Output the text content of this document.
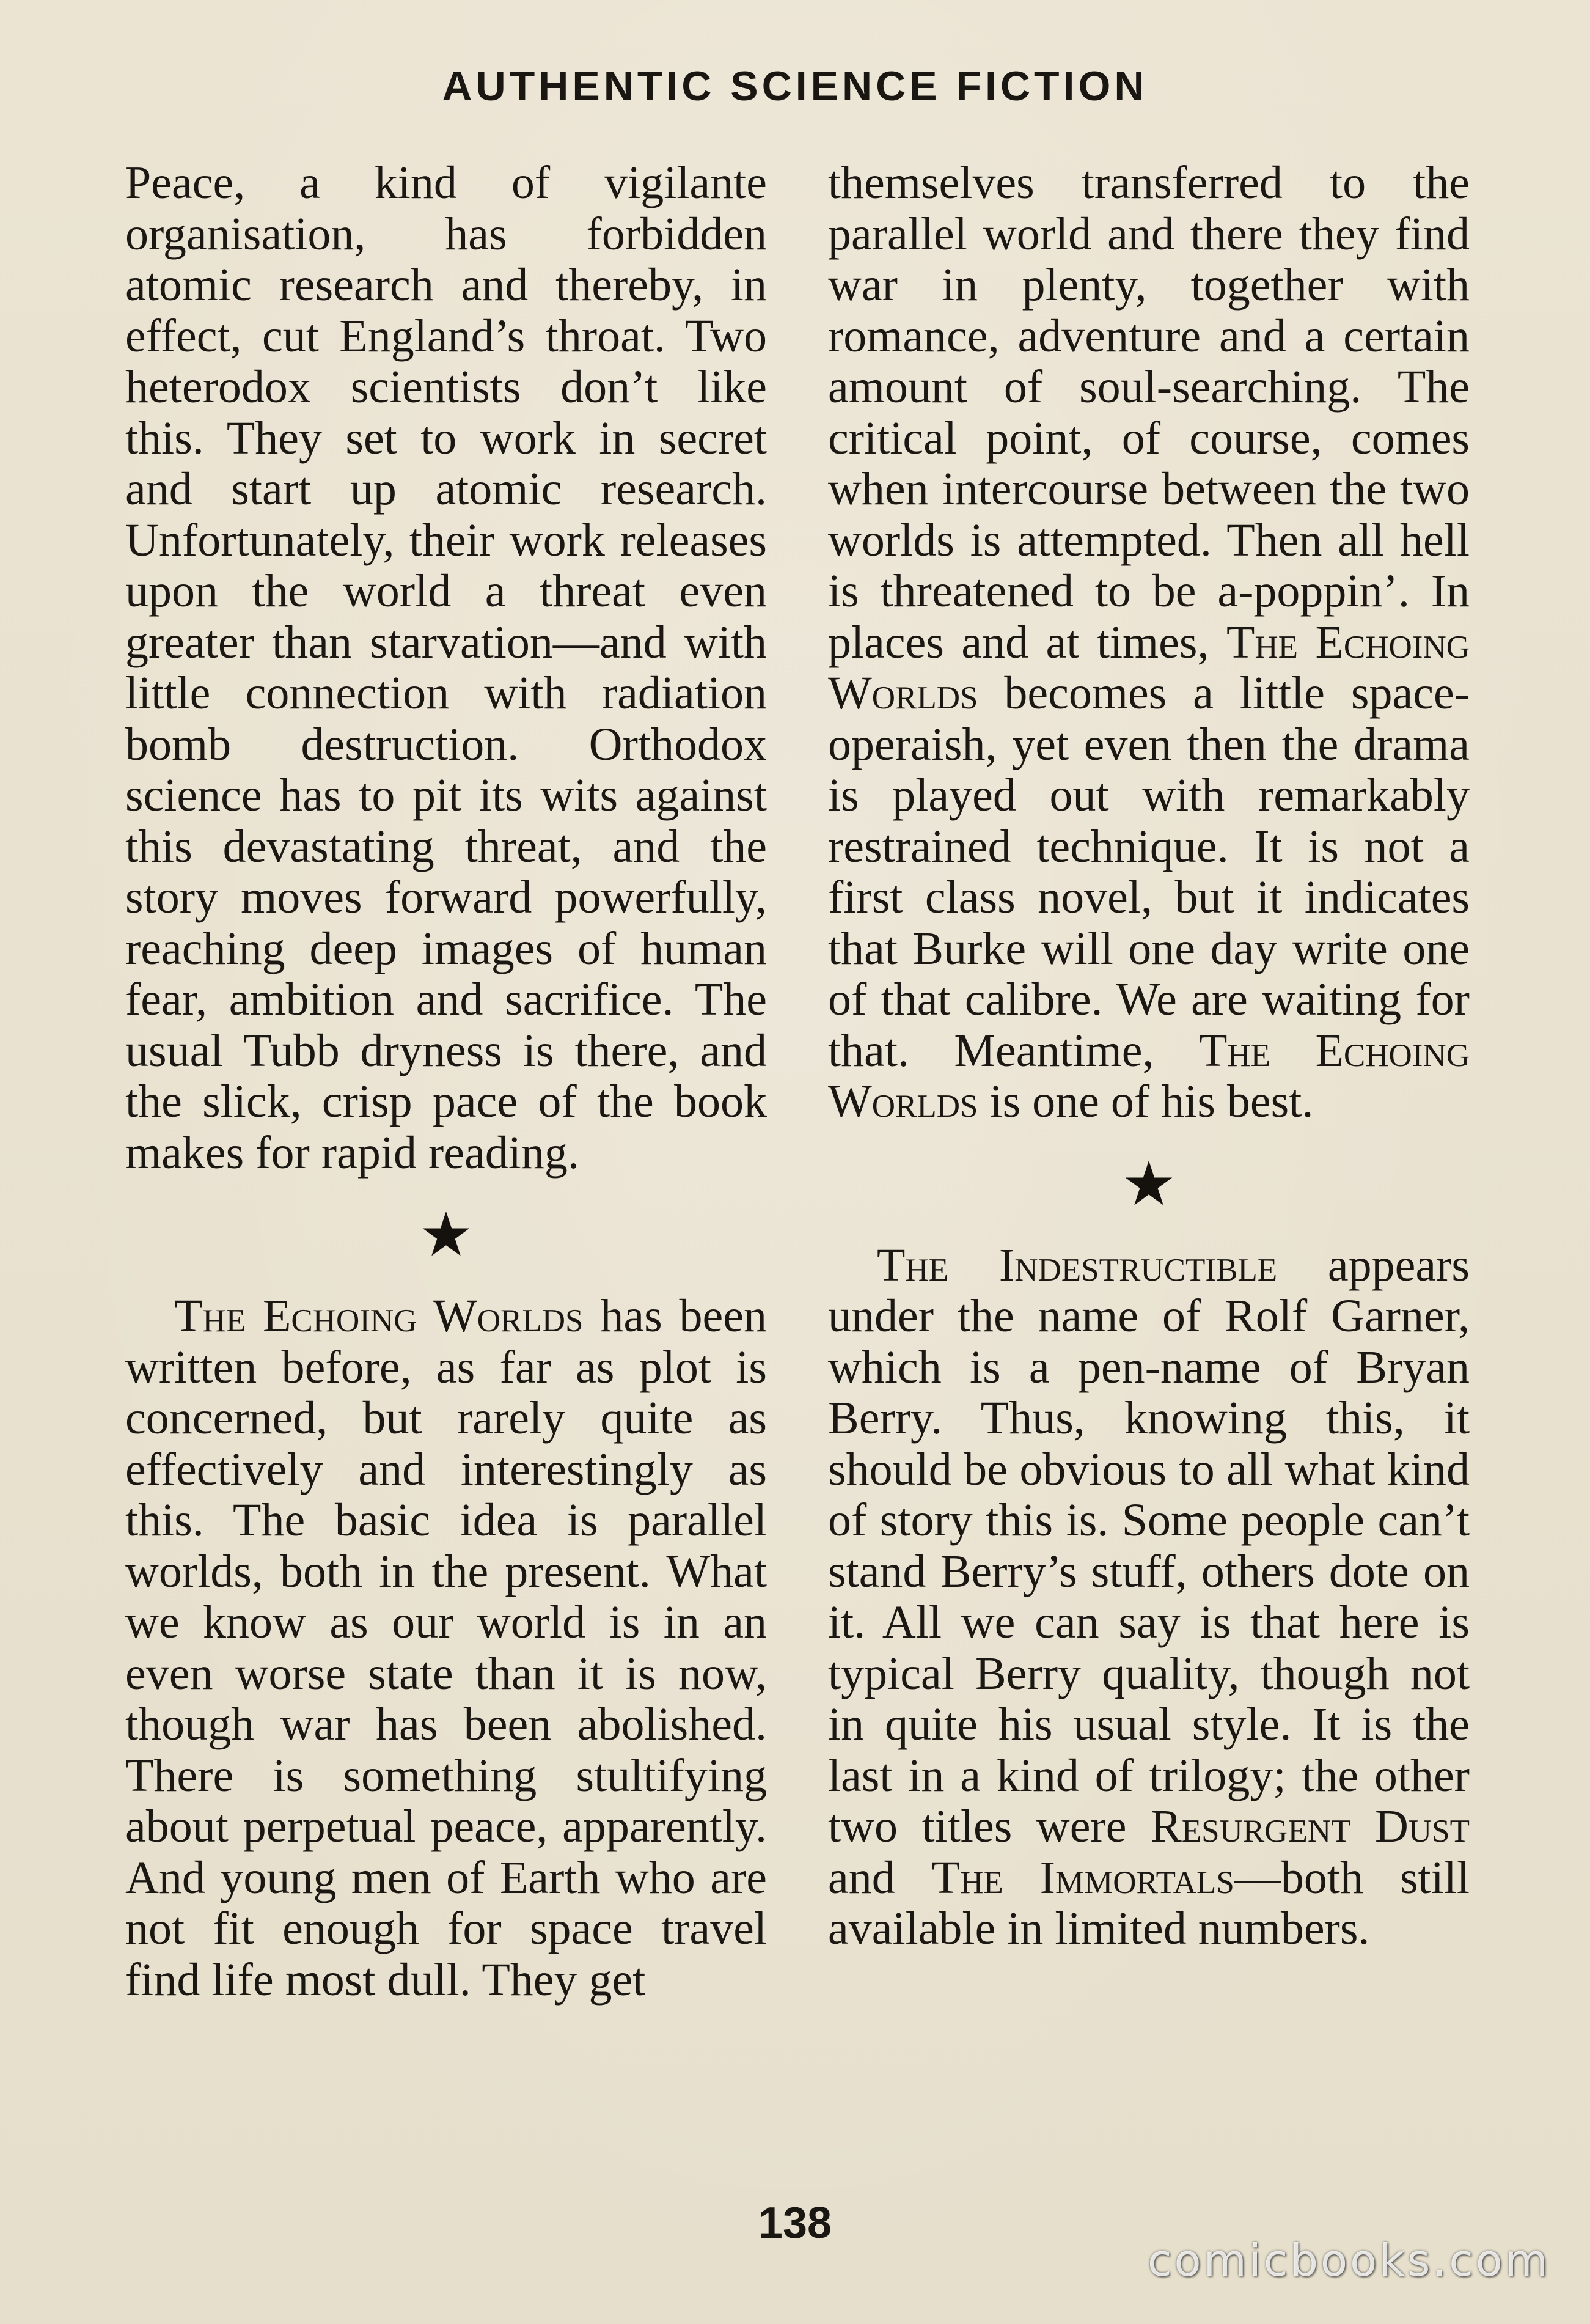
AUTHENTIC SCIENCE FICTION

Peace, a kind of vigilante organisation, has forbidden atomic research and thereby, in effect, cut England’s throat. Two heterodox scientists don’t like this. They set to work in secret and start up atomic research. Unfortunately, their work releases upon the world a threat even greater than starvation—and with little connection with radiation bomb destruction. Orthodox science has to pit its wits against this devastating threat, and the story moves forward powerfully, reaching deep images of human fear, ambition and sacrifice. The usual Tubb dryness is there, and the slick, crisp pace of the book makes for rapid reading.

★

The Echoing Worlds has been written before, as far as plot is concerned, but rarely quite as effectively and interestingly as this. The basic idea is parallel worlds, both in the present. What we know as our world is in an even worse state than it is now, though war has been abolished. There is something stultifying about perpetual peace, apparently. And young men of Earth who are not fit enough for space travel find life most dull. They get

themselves transferred to the parallel world and there they find war in plenty, together with romance, adventure and a certain amount of soul-searching. The critical point, of course, comes when intercourse between the two worlds is attempted. Then all hell is threatened to be a-poppin’. In places and at times, The Echoing Worlds becomes a little space-operaish, yet even then the drama is played out with remarkably restrained technique. It is not a first class novel, but it indicates that Burke will one day write one of that calibre. We are waiting for that. Meantime, The Echoing Worlds is one of his best.

★

The Indestructible appears under the name of Rolf Garner, which is a pen-name of Bryan Berry. Thus, knowing this, it should be obvious to all what kind of story this is. Some people can’t stand Berry’s stuff, others dote on it. All we can say is that here is typical Berry quality, though not in quite his usual style. It is the last in a kind of trilogy; the other two titles were Resurgent Dust and The Immortals—both still available in limited numbers.

138
comicbooks.com
